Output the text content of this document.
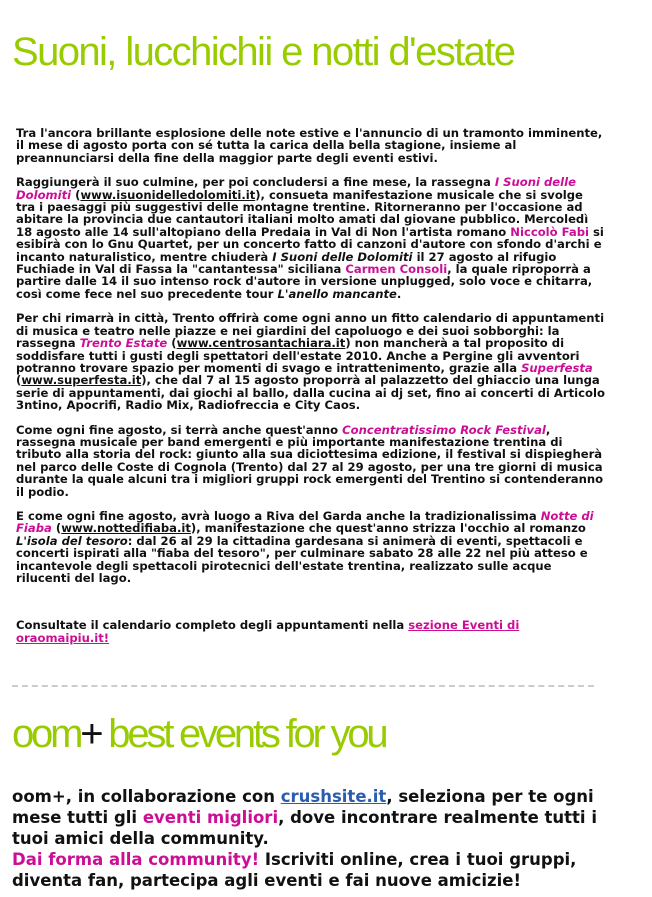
Suoni, lucchichii e notti d'estate

Tra l'ancora brillante esplosione delle note estive e l'annuncio di un tramonto imminente, il mese di agosto porta con sé tutta la carica della bella stagione, insieme al preannunciarsi della fine della maggior parte degli eventi estivi.

Raggiungerà il suo culmine, per poi concludersi a fine mese, la rassegna I Suoni delle Dolomiti (www.isuonidelledolomiti.it), consueta manifestazione musicale che si svolge tra i paesaggi più suggestivi delle montagne trentine. Ritorneranno per l'occasione ad abitare la provincia due cantautori italiani molto amati dal giovane pubblico. Mercoledì 18 agosto alle 14 sull'altopiano della Predaia in Val di Non l'artista romano Niccolò Fabi si esibirà con lo Gnu Quartet, per un concerto fatto di canzoni d'autore con sfondo d'archi e incanto naturalistico, mentre chiuderà I Suoni delle Dolomiti il 27 agosto al rifugio Fuchiade in Val di Fassa la "cantantessa" siciliana Carmen Consoli, la quale riproporrà a partire dalle 14 il suo intenso rock d'autore in versione unplugged, solo voce e chitarra, così come fece nel suo precedente tour L'anello mancante.

Per chi rimarrà in città, Trento offrirà come ogni anno un fitto calendario di appuntamenti di musica e teatro nelle piazze e nei giardini del capoluogo e dei suoi sobborghi: la rassegna Trento Estate (www.centrosantachiara.it) non mancherà a tal proposito di soddisfare tutti i gusti degli spettatori dell'estate 2010. Anche a Pergine gli avventori potranno trovare spazio per momenti di svago e intrattenimento, grazie alla Superfesta (www.superfesta.it), che dal 7 al 15 agosto proporrà al palazzetto del ghiaccio una lunga serie di appuntamenti, dai giochi al ballo, dalla cucina ai dj set, fino ai concerti di Articolo 3ntino, Apocrifi, Radio Mix, Radiofreccia e City Caos.

Come ogni fine agosto, si terrà anche quest'anno Concentratissimo Rock Festival, rassegna musicale per band emergenti e più importante manifestazione trentina di tributo alla storia del rock: giunto alla sua diciottesima edizione, il festival si dispiegherà nel parco delle Coste di Cognola (Trento) dal 27 al 29 agosto, per una tre giorni di musica durante la quale alcuni tra i migliori gruppi rock emergenti del Trentino si contenderanno il podio.

E come ogni fine agosto, avrà luogo a Riva del Garda anche la tradizionalissima Notte di Fiaba (www.nottedifiaba.it), manifestazione che quest'anno strizza l'occhio al romanzo L'isola del tesoro: dal 26 al 29 la cittadina gardesana si animerà di eventi, spettacoli e concerti ispirati alla "fiaba del tesoro", per culminare sabato 28 alle 22 nel più atteso e incantevole degli spettacoli pirotecnici dell'estate trentina, realizzato sulle acque rilucenti del lago.

Consultate il calendario completo degli appuntamenti nella sezione Eventi di oraomaipiu.it!

oom+ best events for you

oom+, in collaborazione con crushsite.it, seleziona per te ogni mese tutti gli eventi migliori, dove incontrare realmente tutti i tuoi amici della community.

Dai forma alla community! Iscriviti online, crea i tuoi gruppi, diventa fan, partecipa agli eventi e fai nuove amicizie!
